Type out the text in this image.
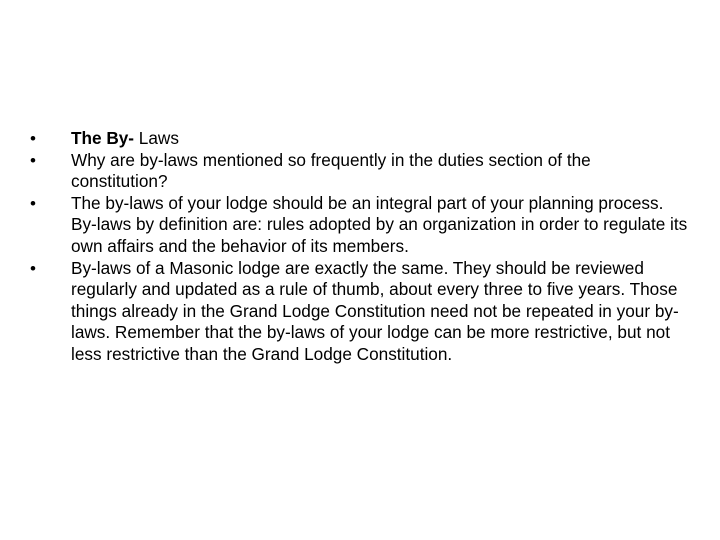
•	The By- Laws
•	Why are by-laws mentioned so frequently in the duties section of the constitution?
•	The by-laws of your lodge should be an integral part of your planning process. By-laws by definition are: rules adopted by an organization in order to regulate its own affairs and the behavior of its members.
•	By-laws of a Masonic lodge are exactly the same. They should be reviewed regularly and updated as a rule of thumb, about every three to five years. Those things already in the Grand Lodge Constitution need not be repeated in your by-laws. Remember that the by-laws of your lodge can be more restrictive, but not less restrictive than the Grand Lodge Constitution.
